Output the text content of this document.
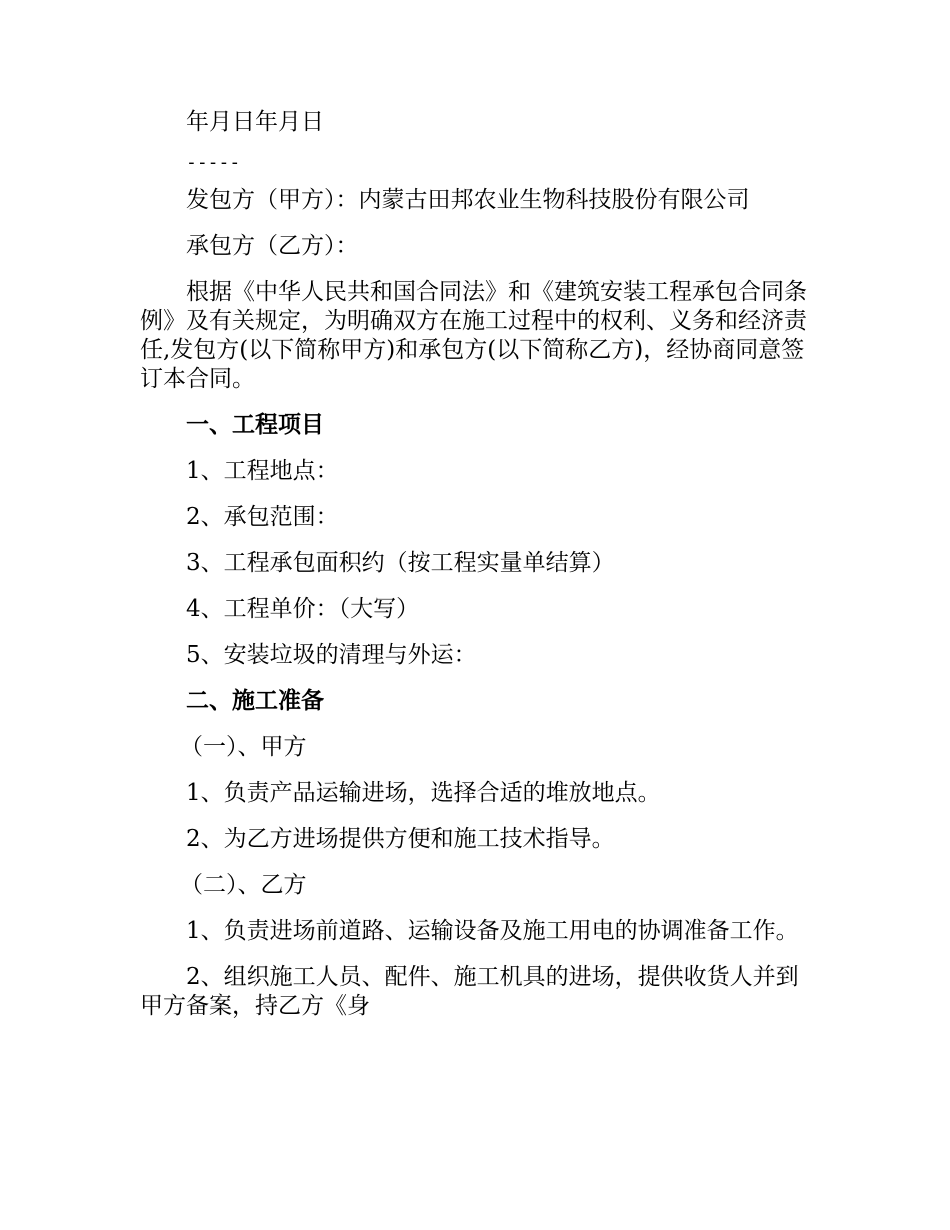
年月日年月日

-----

发包方（甲方）：内蒙古田邦农业生物科技股份有限公司

承包方（乙方）：

根据《中华人民共和国合同法》和《建筑安装工程承包合同条例》及有关规定，为明确双方在施工过程中的权利、义务和经济责任,发包方(以下简称甲方)和承包方(以下简称乙方)，经协商同意签订本合同。

一、工程项目

1、工程地点：

2、承包范围：

3、工程承包面积约（按工程实量单结算）

4、工程单价：（大写）

5、安装垃圾的清理与外运：

二、施工准备

（一）、甲方

1、负责产品运输进场，选择合适的堆放地点。

2、为乙方进场提供方便和施工技术指导。

（二）、乙方

1、负责进场前道路、运输设备及施工用电的协调准备工作。

2、组织施工人员、配件、施工机具的进场，提供收货人并到甲方备案，持乙方《身
